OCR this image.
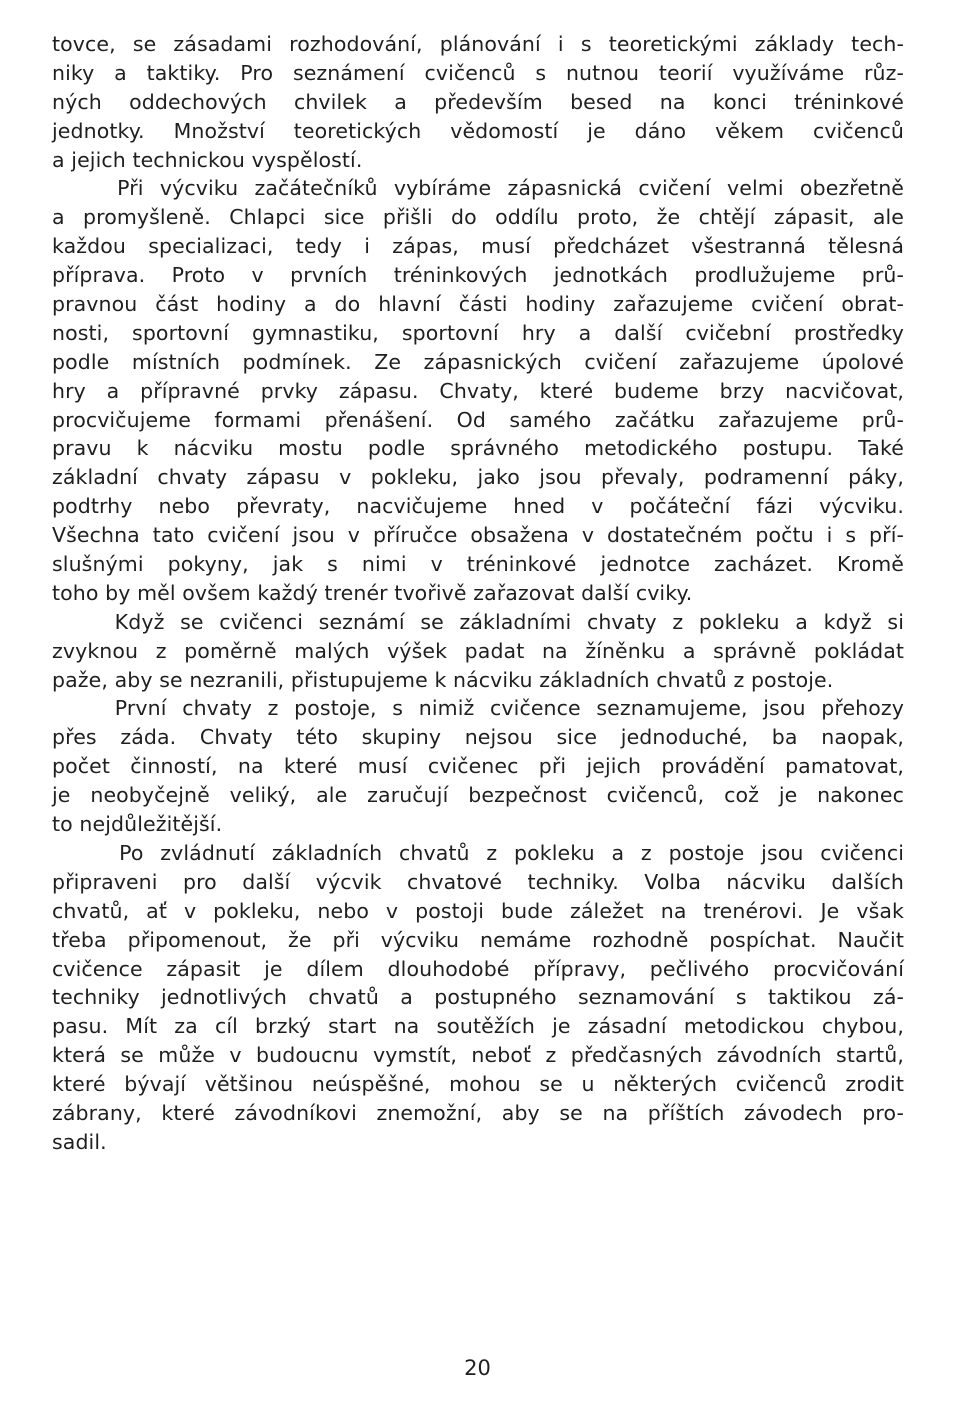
tovce, se zásadami rozhodování, plánování i s teoretickými základy tech-
niky a taktiky. Pro seznámení cvičenců s nutnou teorií využíváme růz-
ných oddechových chvilek a především besed na konci tréninkové
jednotky. Množství teoretických vědomostí je dáno věkem cvičenců
a jejich technickou vyspělostí.
Při výcviku začátečníků vybíráme zápasnická cvičení velmi obezřetně
a promyšleně. Chlapci sice přišli do oddílu proto, že chtějí zápasit, ale
každou specializaci, tedy i zápas, musí předcházet všestranná tělesná
příprava. Proto v prvních tréninkových jednotkách prodlužujeme prů-
pravnou část hodiny a do hlavní části hodiny zařazujeme cvičení obrat-
nosti, sportovní gymnastiku, sportovní hry a další cvičební prostředky
podle místních podmínek. Ze zápasnických cvičení zařazujeme úpolové
hry a přípravné prvky zápasu. Chvaty, které budeme brzy nacvičovat,
procvičujeme formami přenášení. Od samého začátku zařazujeme prů-
pravu k nácviku mostu podle správného metodického postupu. Také
základní chvaty zápasu v pokleku, jako jsou převaly, podramenní páky,
podtrhy nebo převraty, nacvičujeme hned v počáteční fázi výcviku.
Všechna tato cvičení jsou v příručce obsažena v dostatečném počtu i s pří-
slušnými pokyny, jak s nimi v tréninkové jednotce zacházet. Kromě
toho by měl ovšem každý trenér tvořivě zařazovat další cviky.
Když se cvičenci seznámí se základními chvaty z pokleku a když si
zvyknou z poměrně malých výšek padat na žíněnku a správně pokládat
paže, aby se nezranili, přistupujeme k nácviku základních chvatů z postoje.
První chvaty z postoje, s nimiž cvičence seznamujeme, jsou přehozy
přes záda. Chvaty této skupiny nejsou sice jednoduché, ba naopak,
počet činností, na které musí cvičenec při jejich provádění pamatovat,
je neobyčejně veliký, ale zaručují bezpečnost cvičenců, což je nakonec
to nejdůležitější.
Po zvládnutí základních chvatů z pokleku a z postoje jsou cvičenci
připraveni pro další výcvik chvatové techniky. Volba nácviku dalších
chvatů, ať v pokleku, nebo v postoji bude záležet na trenérovi. Je však
třeba připomenout, že při výcviku nemáme rozhodně pospíchat. Naučit
cvičence zápasit je dílem dlouhodobé přípravy, pečlivého procvičování
techniky jednotlivých chvatů a postupného seznamování s taktikou zá-
pasu. Mít za cíl brzký start na soutěžích je zásadní metodickou chybou,
která se může v budoucnu vymstít, neboť z předčasných závodních startů,
které bývají většinou neúspěšné, mohou se u některých cvičenců zrodit
zábrany, které závodníkovi znemožní, aby se na příštích závodech pro-
sadil.
20
